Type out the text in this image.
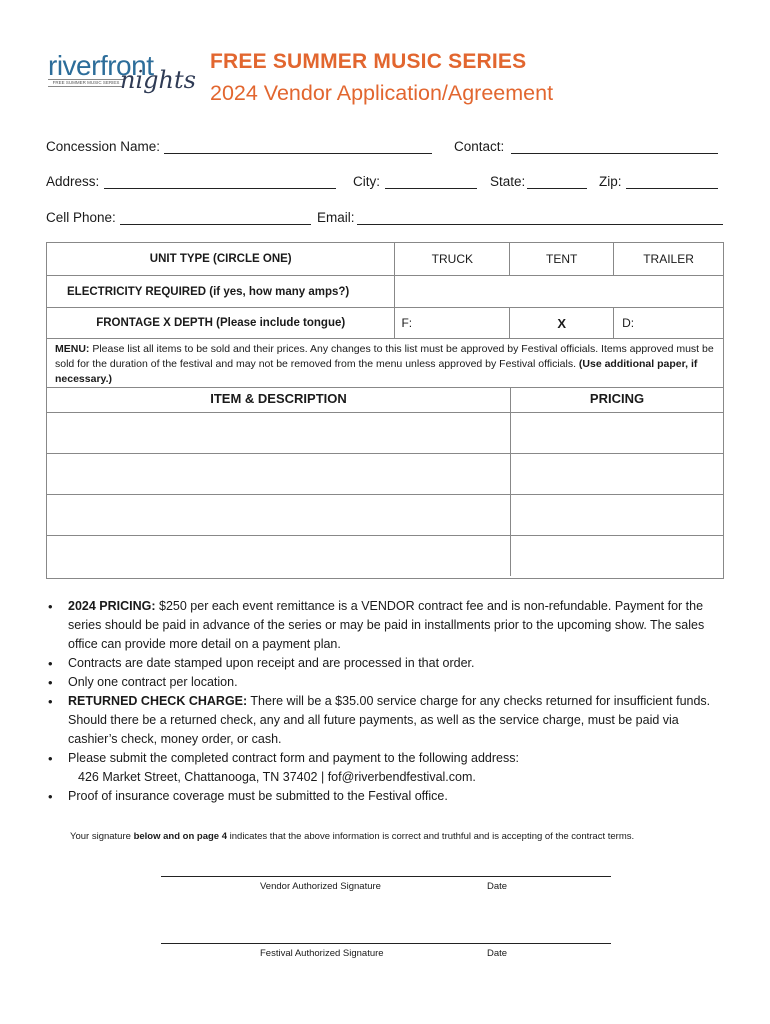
riverfront
FREE SUMMER MUSIC SERIES nights
FREE SUMMER MUSIC SERIES
2024 Vendor Application/Agreement
Concession Name:	Contact:
Address:	City:	State:	Zip:
Cell Phone:	Email:
UNIT TYPE (CIRCLE ONE)	TRUCK	TENT	TRAILER

ELECTRICITY REQUIRED (if yes, how many amps?)			

FRONTAGE X DEPTH (Please include tongue)	F:	X	D:
MENU: Please list all items to be sold and their prices. Any changes to this list must be approved by Festival officials. Items approved must be sold for the duration of the festival and may not be removed from the menu unless approved by Festival officials. (Use additional paper, if necessary.)
ITEM & DESCRIPTION	PRICING
• 2024 PRICING: $250 per each event remittance is a VENDOR contract fee and is non-refundable. Payment for the series should be paid in advance of the series or may be paid in installments prior to the upcoming show. The sales office can provide more detail on a payment plan.
• Contracts are date stamped upon receipt and are processed in that order.
• Only one contract per location.
• RETURNED CHECK CHARGE: There will be a $35.00 service charge for any checks returned for insufficient funds. Should there be a returned check, any and all future payments, as well as the service charge, must be paid via cashier’s check, money order, or cash.
• Please submit the completed contract form and payment to the following address:
426 Market Street, Chattanooga, TN 37402 | fof@riverbendfestival.com.
• Proof of insurance coverage must be submitted to the Festival office.
Your signature below and on page 4 indicates that the above information is correct and truthful and is accepting of the contract terms.
Vendor Authorized Signature	Date
Festival Authorized Signature	Date
